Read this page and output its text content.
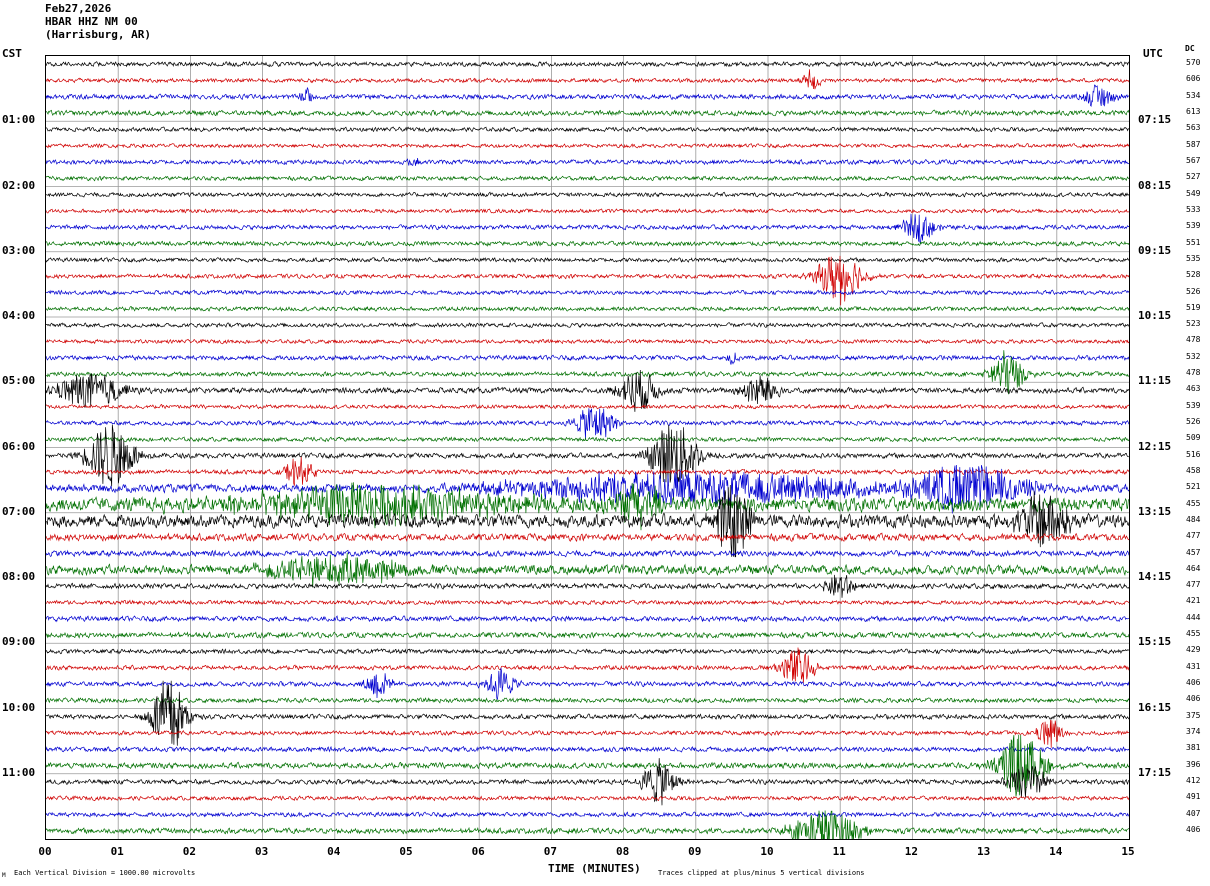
Feb27,2026
HBAR HHZ NM 00
(Harrisburg, AR)
CST	UTC	DC
01:00
02:00
03:00
04:00
05:00
06:00
07:00
08:00
09:00
10:00
11:00
07:15
08:15
09:15
10:15
11:15
12:15
13:15
14:15
15:15
16:15
17:15
570
606
534
613
563
587
567
527
549
533
539
551
535
528
526
519
523
478
532
478
463
539
526
509
516
458
521
455
484
477
457
464
477
421
444
455
429
431
406
406
375
374
381
396
412
491
407
406
00	01	02	03	04	05	06	07	08	09	10	11	12	13	14	15
TIME (MINUTES)
M Each Vertical Division = 1000.00 microvolts	Traces clipped at plus/minus 5 vertical divisions
